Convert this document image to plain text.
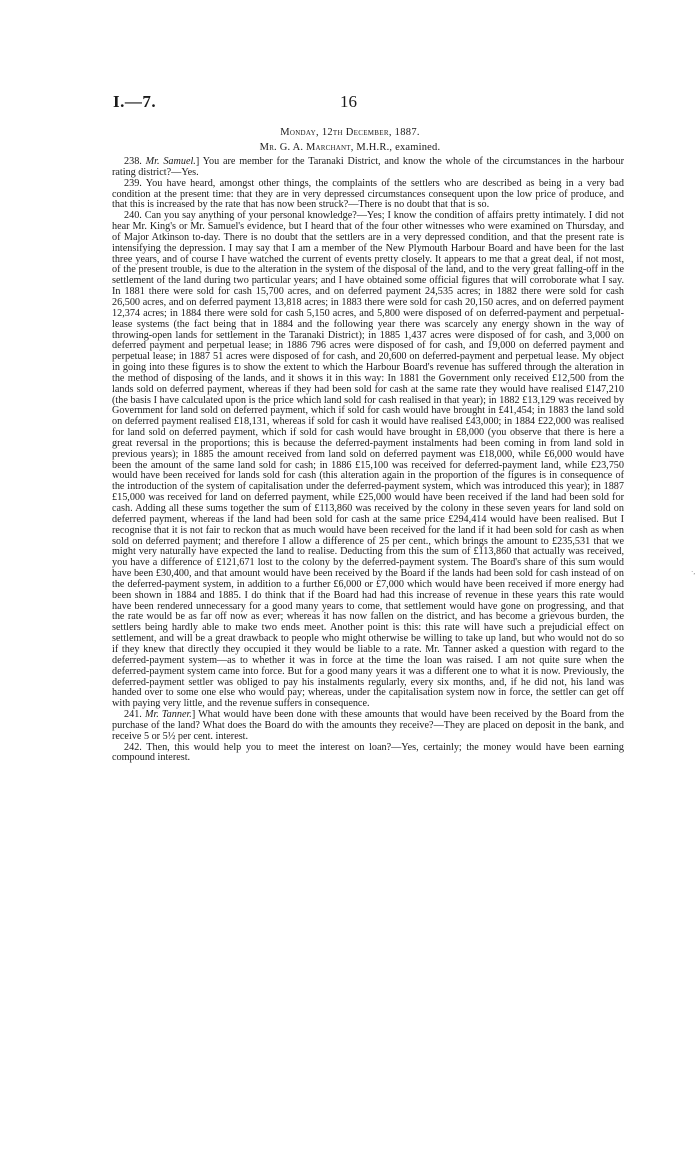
I.—7.	16
Monday, 12th December, 1887.
Mr. G. A. Marchant, M.H.R., examined.

238. Mr. Samuel.] You are member for the Taranaki District, and know the whole of the circumstances in the harbour rating district?—Yes.

239. You have heard, amongst other things, the complaints of the settlers who are described as being in a very bad condition at the present time: that they are in very depressed circumstances consequent upon the low price of produce, and that this is increased by the rate that has now been struck?—There is no doubt that that is so.

240. Can you say anything of your personal knowledge?—Yes; I know the condition of affairs pretty intimately. I did not hear Mr. King's or Mr. Samuel's evidence, but I heard that of the four other witnesses who were examined on Thursday, and of Major Atkinson to-day. There is no doubt that the settlers are in a very depressed condition, and that the present rate is intensifying the depression. I may say that I am a member of the New Plymouth Harbour Board and have been for the last three years, and of course I have watched the current of events pretty closely. It appears to me that a great deal, if not most, of the present trouble, is due to the alteration in the system of the disposal of the land, and to the very great falling-off in the settlement of the land during two particular years; and I have obtained some official figures that will corroborate what I say. In 1881 there were sold for cash 15,700 acres, and on deferred payment 24,535 acres; in 1882 there were sold for cash 26,500 acres, and on deferred payment 13,818 acres; in 1883 there were sold for cash 20,150 acres, and on deferred payment 12,374 acres; in 1884 there were sold for cash 5,150 acres, and 5,800 were disposed of on deferred-payment and perpetual-lease systems (the fact being that in 1884 and the following year there was scarcely any energy shown in the way of throwing-open lands for settlement in the Taranaki District); in 1885 1,437 acres were disposed of for cash, and 3,000 on deferred payment and perpetual lease; in 1886 796 acres were disposed of for cash, and 19,000 on deferred payment and perpetual lease; in 1887 51 acres were disposed of for cash, and 20,600 on deferred-payment and perpetual lease. My object in going into these figures is to show the extent to which the Harbour Board's revenue has suffered through the alteration in the method of disposing of the lands, and it shows it in this way: In 1881 the Government only received £12,500 from the lands sold on deferred payment, whereas if they had been sold for cash at the same rate they would have realised £147,210 (the basis I have calculated upon is the price which land sold for cash realised in that year); in 1882 £13,129 was received by Government for land sold on deferred payment, which if sold for cash would have brought in £41,454; in 1883 the land sold on deferred payment realised £18,131, whereas if sold for cash it would have realised £43,000; in 1884 £22,000 was realised for land sold on deferred payment, which if sold for cash would have brought in £8,000 (you observe that there is here a great reversal in the proportions; this is because the deferred-payment instalments had been coming in from land sold in previous years); in 1885 the amount received from land sold on deferred payment was £18,000, while £6,000 would have been the amount of the same land sold for cash; in 1886 £15,100 was received for deferred-payment land, while £23,750 would have been received for lands sold for cash (this alteration again in the proportion of the figures is in consequence of the introduction of the system of capitalisation under the deferred-payment system, which was introduced this year); in 1887 £15,000 was received for land on deferred payment, while £25,000 would have been received if the land had been sold for cash. Adding all these sums together the sum of £113,860 was received by the colony in these seven years for land sold on deferred payment, whereas if the land had been sold for cash at the same price £294,414 would have been realised. But I recognise that it is not fair to reckon that as much would have been received for the land if it had been sold for cash as when sold on deferred payment; and therefore I allow a difference of 25 per cent., which brings the amount to £235,531 that we might very naturally have expected the land to realise. Deducting from this the sum of £113,860 that actually was received, you have a difference of £121,671 lost to the colony by the deferred-payment system. The Board's share of this sum would have been £30,400, and that amount would have been received by the Board if the lands had been sold for cash instead of on the deferred-payment system, in addition to a further £6,000 or £7,000 which would have been received if more energy had been shown in 1884 and 1885. I do think that if the Board had had this increase of revenue in these years this rate would have been rendered unnecessary for a good many years to come, that settlement would have gone on progressing, and that the rate would be as far off now as ever; whereas it has now fallen on the district, and has become a grievous burden, the settlers being hardly able to make two ends meet. Another point is this: this rate will have such a prejudicial effect on settlement, and will be a great drawback to people who might otherwise be willing to take up land, but who would not do so if they knew that directly they occupied it they would be liable to a rate. Mr. Tanner asked a question with regard to the deferred-payment system—as to whether it was in force at the time the loan was raised. I am not quite sure when the deferred-payment system came into force. But for a good many years it was a different one to what it is now. Previously, the deferred-payment settler was obliged to pay his instalments regularly, every six months, and, if he did not, his land was handed over to some one else who would pay; whereas, under the capitalisation system now in force, the settler can get off with paying very little, and the revenue suffers in consequence.

241. Mr. Tanner.] What would have been done with these amounts that would have been received by the Board from the purchase of the land? What does the Board do with the amounts they receive?—They are placed on deposit in the bank, and receive 5 or 5½ per cent. interest.

242. Then, this would help you to meet the interest on loan?—Yes, certainly; the money would have been earning compound interest.

·,
